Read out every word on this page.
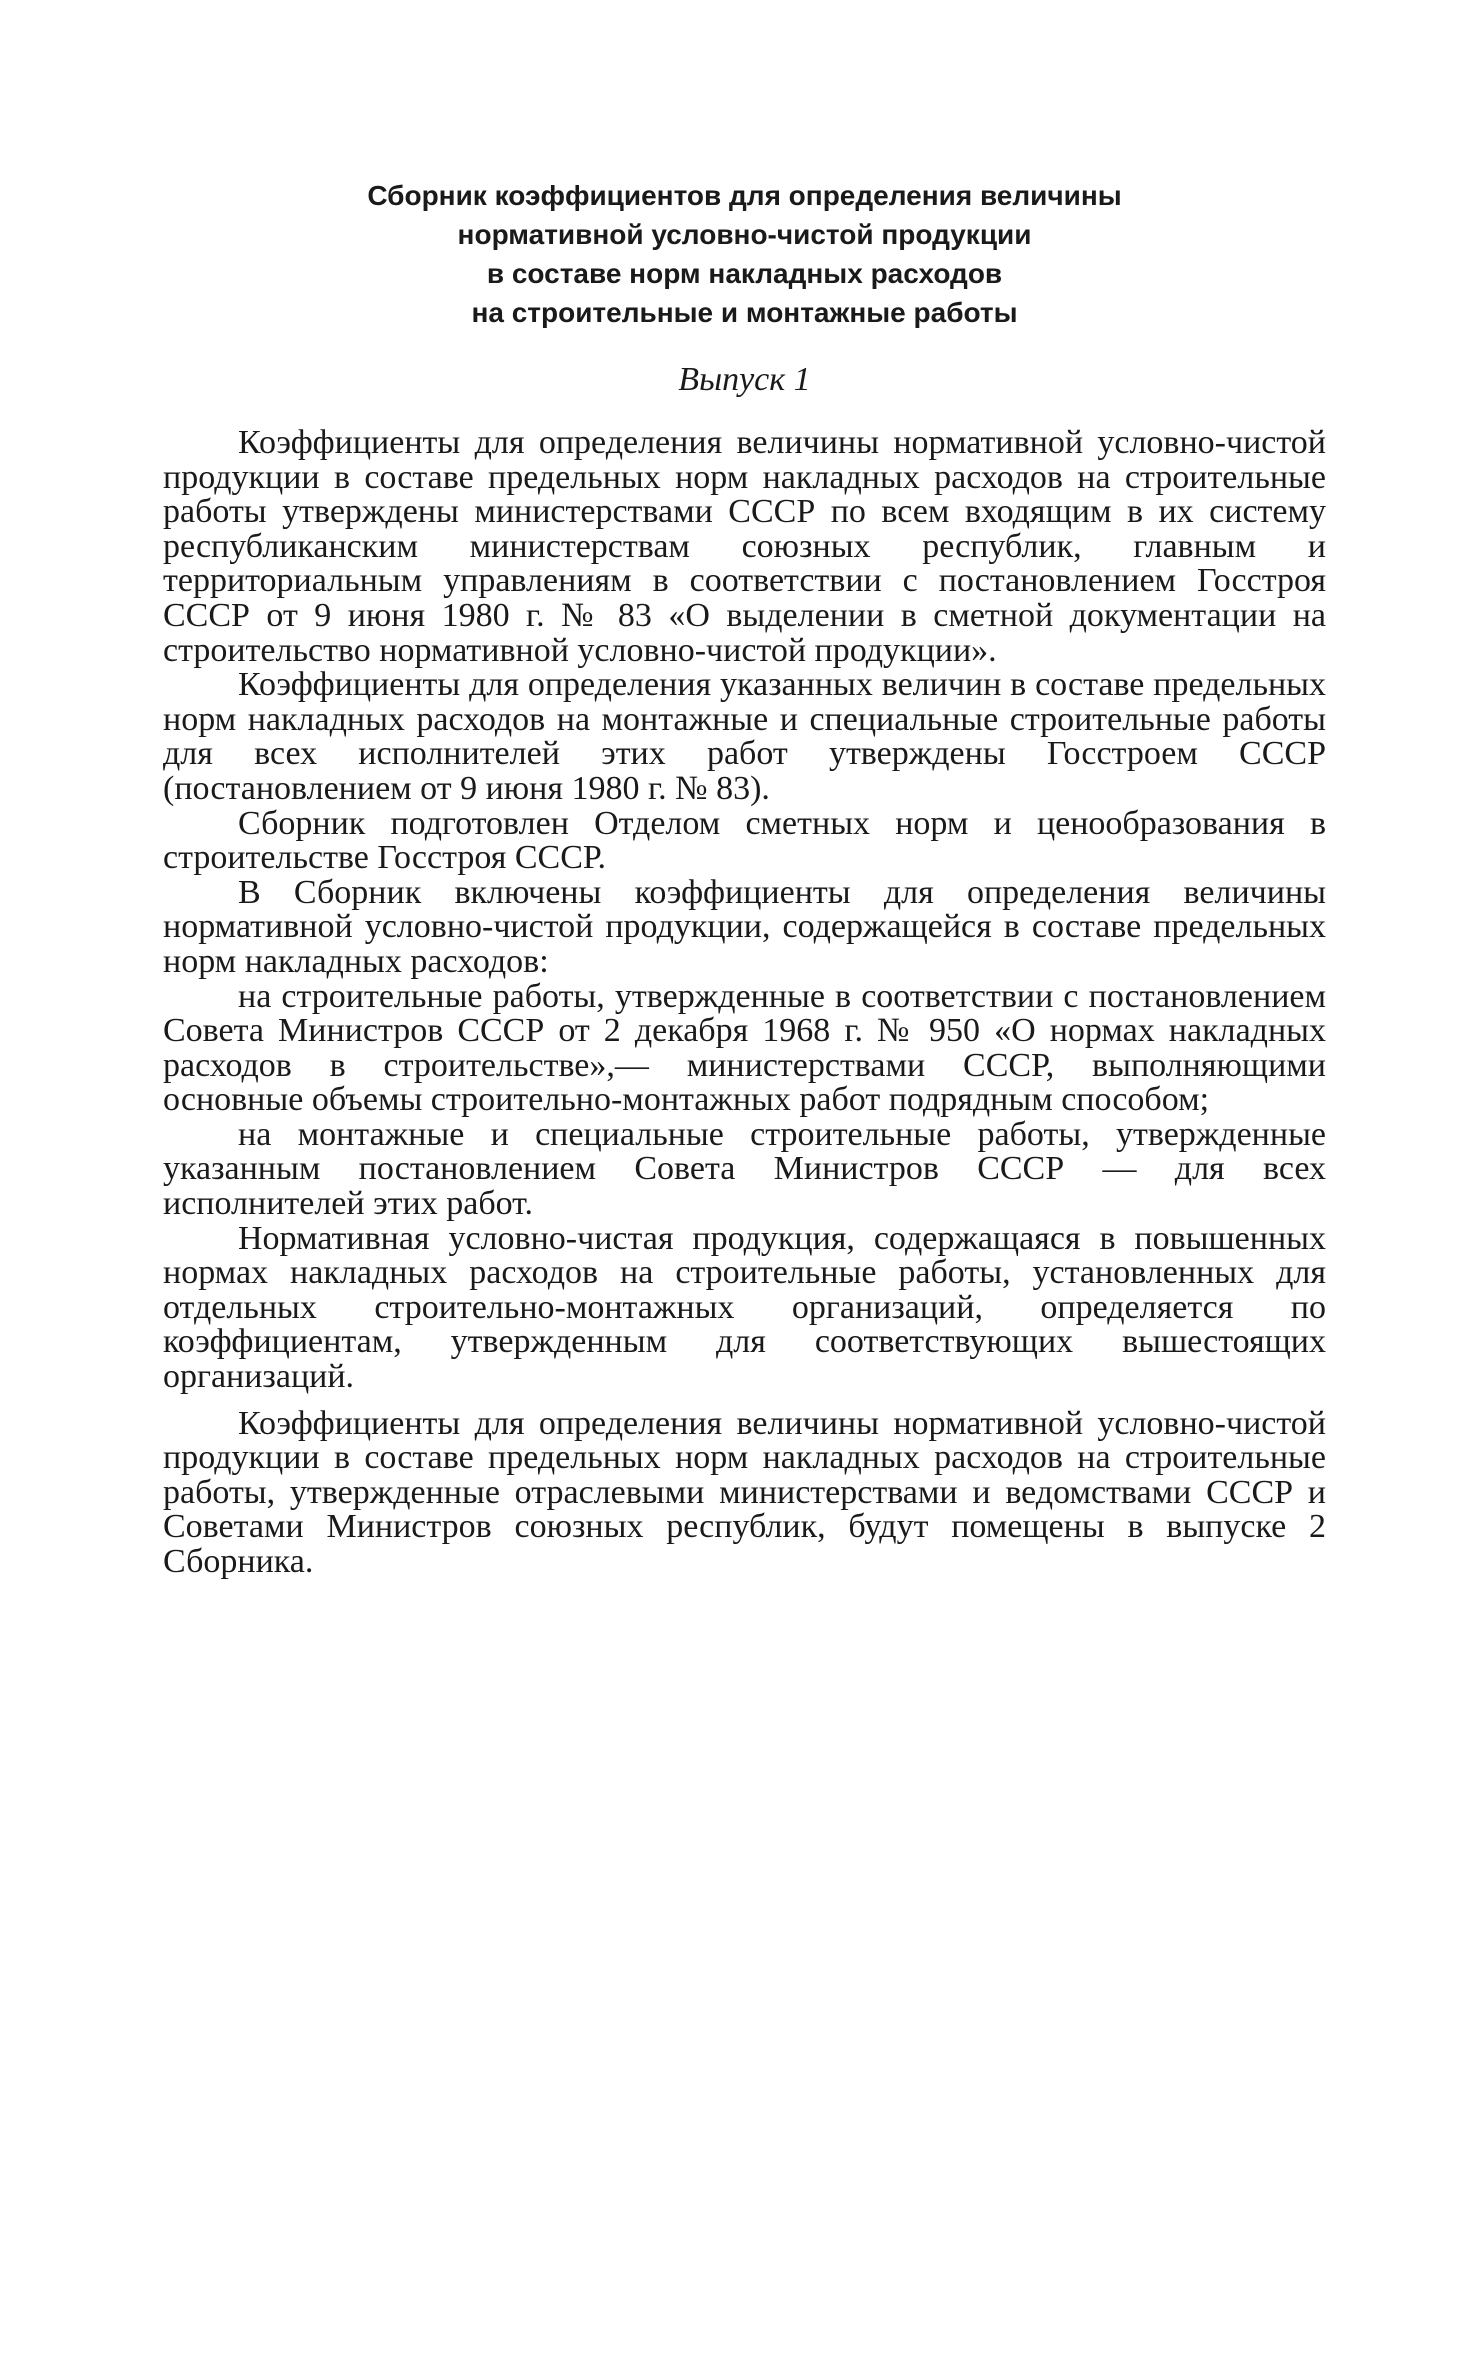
Сборник коэффициентов для определения величины
нормативной условно-чистой продукции
в составе норм накладных расходов
на строительные и монтажные работы
Выпуск 1

Коэффициенты для определения величины нормативной условно-чистой продукции в составе предельных норм накладных расходов на строительные работы утверждены министерствами СССР по всем входящим в их систему республиканским министерствам союзных республик, главным и территориальным управлениям в соответствии с постановлением Госстроя СССР от 9 июня 1980 г. № 83 «О выделении в сметной документации на строительство нормативной условно-чистой продукции».

Коэффициенты для определения указанных величин в составе предельных норм накладных расходов на монтажные и специальные строительные работы для всех исполнителей этих работ утверждены Госстроем СССР (постановлением от 9 июня 1980 г. № 83).

Сборник подготовлен Отделом сметных норм и ценообразования в строительстве Госстроя СССР.

В Сборник включены коэффициенты для определения величины нормативной условно-чистой продукции, содержащейся в составе предельных норм накладных расходов:

на строительные работы, утвержденные в соответствии с постановлением Совета Министров СССР от 2 декабря 1968 г. № 950 «О нормах накладных расходов в строительстве»,— министерствами СССР, выполняющими основные объемы строительно-монтажных работ подрядным способом;

на монтажные и специальные строительные работы, утвержденные указанным постановлением Совета Министров СССР — для всех исполнителей этих работ.

Нормативная условно-чистая продукция, содержащаяся в повышенных нормах накладных расходов на строительные работы, установленных для отдельных строительно-монтажных организаций, определяется по коэффициентам, утвержденным для соответствующих вышестоящих организаций.

Коэффициенты для определения величины нормативной условно-чистой продукции в составе предельных норм накладных расходов на строительные работы, утвержденные отраслевыми министерствами и ведомствами СССР и Советами Министров союзных республик, будут помещены в выпуске 2 Сборника.
